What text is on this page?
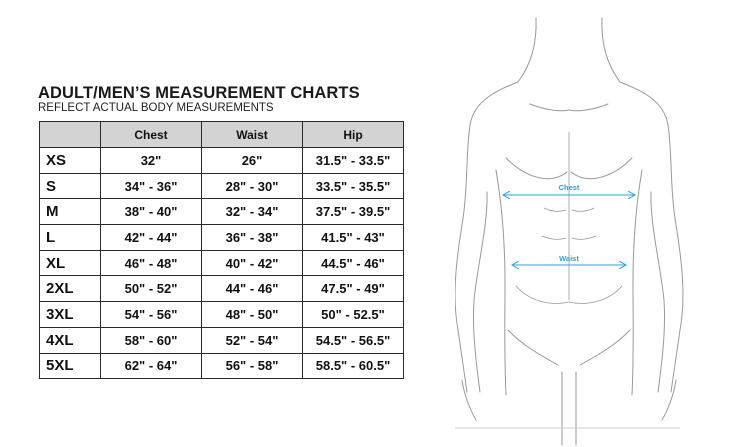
ADULT/MEN’S MEASUREMENT CHARTS
REFLECT ACTUAL BODY MEASUREMENTS
	Chest	Waist	Hip
XS	32"	26"	31.5" - 33.5"
S	34" - 36"	28" - 30"	33.5" - 35.5"
M	38" - 40"	32" - 34"	37.5" - 39.5"
L	42" - 44"	36" - 38"	41.5" - 43"
XL	46" - 48"	40" - 42"	44.5" - 46"
2XL	50" - 52"	44" - 46"	47.5" - 49"
3XL	54" - 56"	48" - 50"	50" - 52.5"
4XL	58" - 60"	52" - 54"	54.5" - 56.5"
5XL	62" - 64"	56" - 58"	58.5" - 60.5"
Chest
Waist
